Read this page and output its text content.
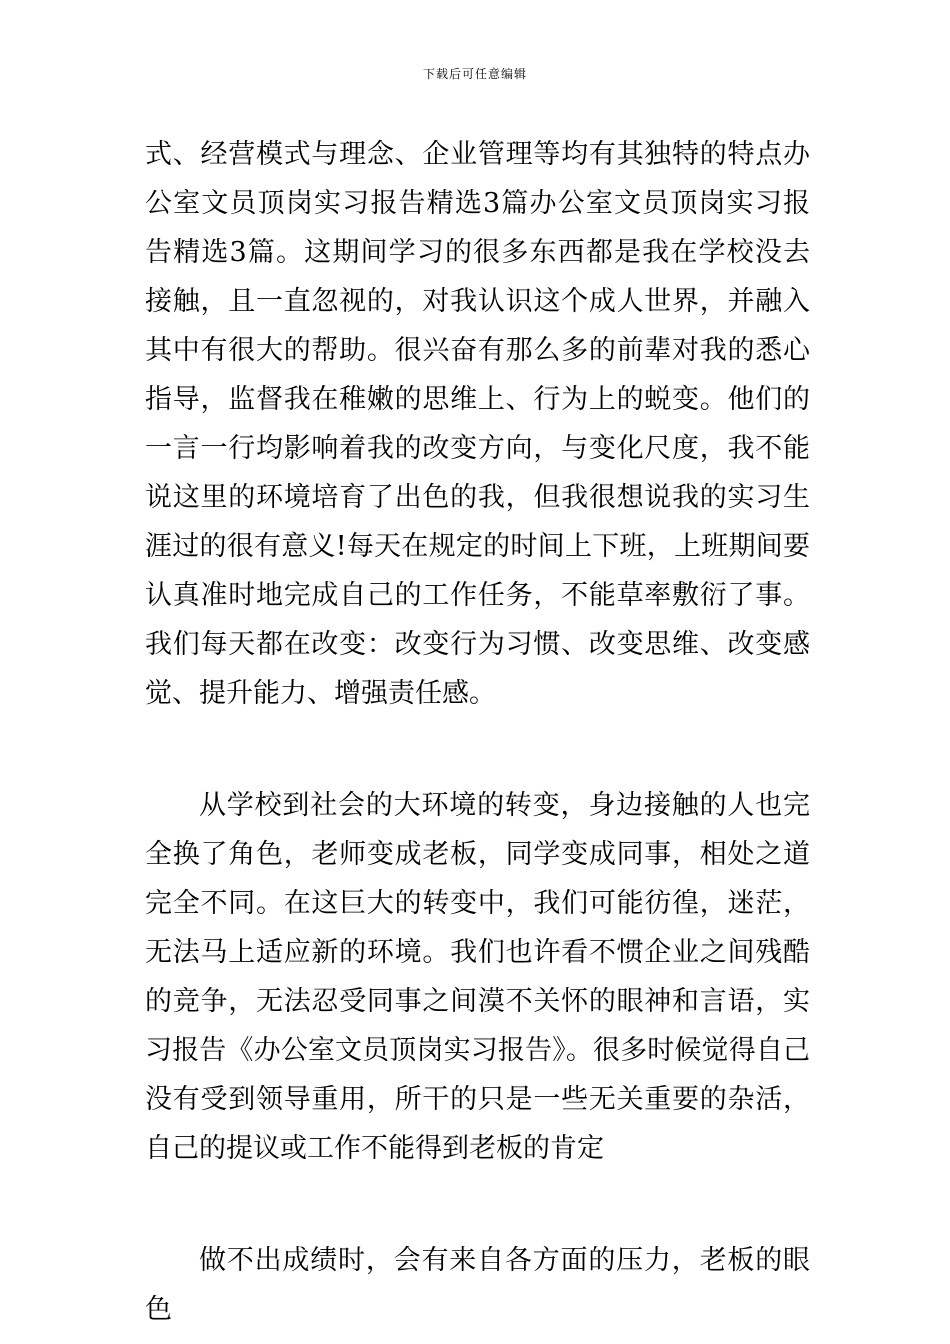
下载后可任意编辑

式、经营模式与理念、企业管理等均有其独特的特点办公室文员顶岗实习报告精选3篇办公室文员顶岗实习报告精选3篇。这期间学习的很多东西都是我在学校没去接触，且一直忽视的，对我认识这个成人世界，并融入其中有很大的帮助。很兴奋有那么多的前辈对我的悉心指导，监督我在稚嫩的思维上、行为上的蜕变。他们的一言一行均影响着我的改变方向，与变化尺度，我不能说这里的环境培育了出色的我，但我很想说我的实习生涯过的很有意义!每天在规定的时间上下班，上班期间要认真准时地完成自己的工作任务，不能草率敷衍了事。我们每天都在改变：改变行为习惯、改变思维、改变感觉、提升能力、增强责任感。

从学校到社会的大环境的转变，身边接触的人也完全换了角色，老师变成老板，同学变成同事，相处之道完全不同。在这巨大的转变中，我们可能彷徨，迷茫，无法马上适应新的环境。我们也许看不惯企业之间残酷的竞争，无法忍受同事之间漠不关怀的眼神和言语，实习报告《办公室文员顶岗实习报告》。很多时候觉得自己没有受到领导重用，所干的只是一些无关重要的杂活，自己的提议或工作不能得到老板的肯定

做不出成绩时，会有来自各方面的压力，老板的眼色
